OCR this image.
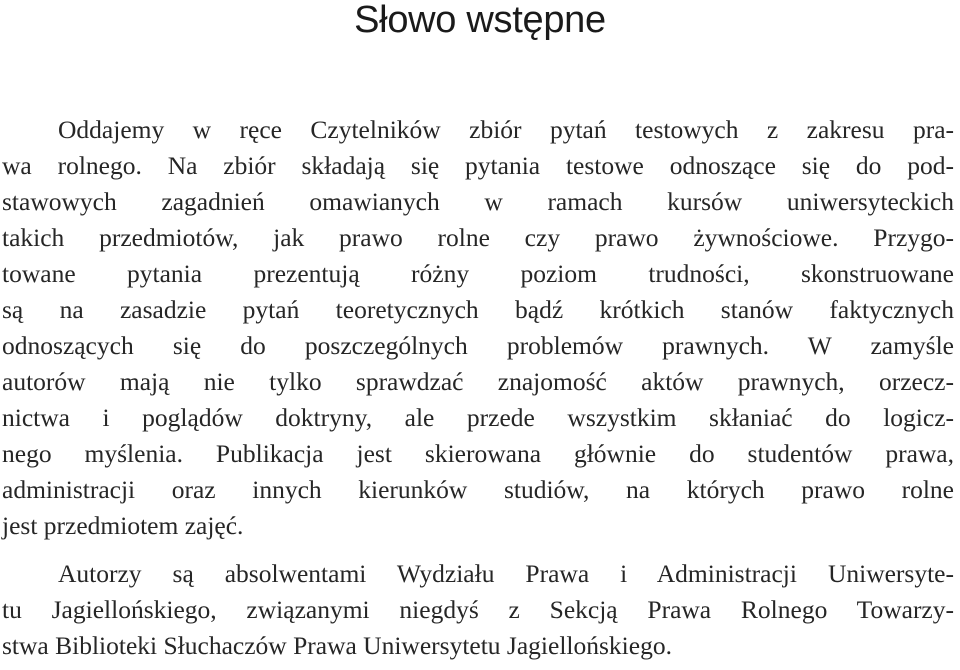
Słowo wstępne
Oddajemy w ręce Czytelników zbiór pytań testowych z zakresu pra-
wa rolnego. Na zbiór składają się pytania testowe odnoszące się do pod-
stawowych zagadnień omawianych w ramach kursów uniwersyteckich
takich przedmiotów, jak prawo rolne czy prawo żywnościowe. Przygo-
towane pytania prezentują różny poziom trudności, skonstruowane
są na zasadzie pytań teoretycznych bądź krótkich stanów faktycznych
odnoszących się do poszczególnych problemów prawnych. W zamyśle
autorów mają nie tylko sprawdzać znajomość aktów prawnych, orzecz-
nictwa i poglądów doktryny, ale przede wszystkim skłaniać do logicz-
nego myślenia. Publikacja jest skierowana głównie do studentów prawa,
administracji oraz innych kierunków studiów, na których prawo rolne
jest przedmiotem zajęć.
Autorzy są absolwentami Wydziału Prawa i Administracji Uniwersyte-
tu Jagiellońskiego, związanymi niegdyś z Sekcją Prawa Rolnego Towarzy-
stwa Biblioteki Słuchaczów Prawa Uniwersytetu Jagiellońskiego.
